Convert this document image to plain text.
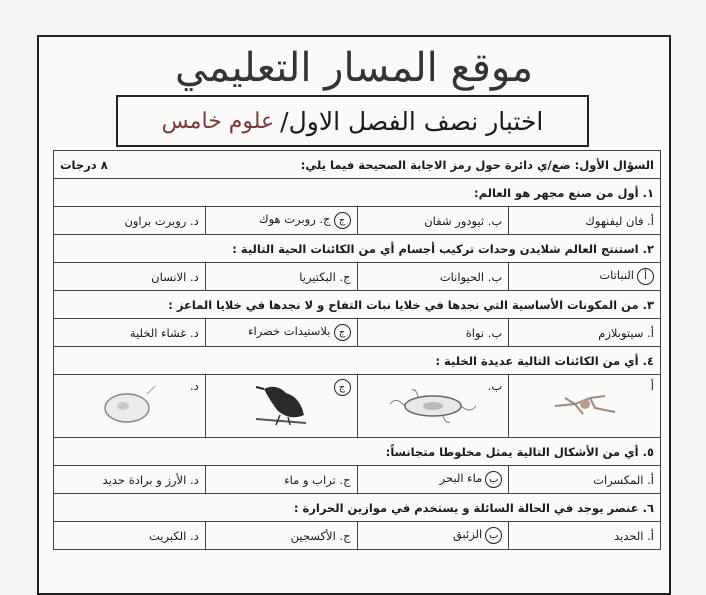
موقع المسار التعليمي
اختبار نصف الفصل الاول/
علوم خامس
السؤال الأول: ضع/ي دائرة حول رمز الاجابة الصحيحة فيما يلي:
٨ درجات			

١. أول من صنع مجهر هو العالم:			
أ. فان ليفنهوك	ب. ثيودور شفان	جج. روبرت هوك	د. روبرت براون
٢. استنتج العالم شلايدن وحدات تركيب أجسام أي من الكائنات الحية التالية :			
أالنباتات	ب. الحيوانات	ج. البكتيريا	د. الانسان
٣. من المكونات الأساسية التي نجدها في خلايا نبات التفاح و لا نجدها في خلايا الماعز :			
أ. سيتوبلازم	ب. نواة	جبلاستيدات خضراء	د. غشاء الخلية
٤. أي من الكائنات التالية عديدة الخلية :			

أ	ب.	ج	د.

٥. أي من الأشكال التالية يمثل مخلوطا متجانساً:			
أ. المكسرات	بماء البحر	ج. تراب و ماء	د. الأرز و برادة حديد
٦. عنصر يوجد في الحالة السائلة و يستخدم في موازين الحرارة :			
أ. الحديد	بالزئبق	ج. الأكسجين	د. الكبريت
